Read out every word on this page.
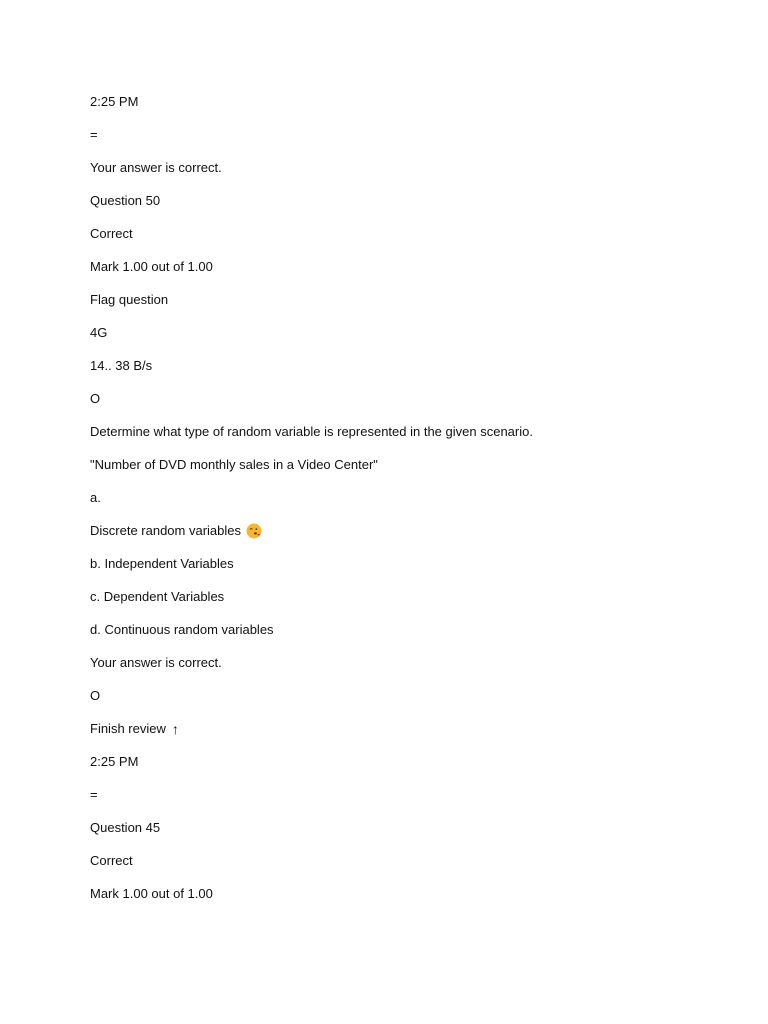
2:25 PM
=
Your answer is correct.
Question 50
Correct
Mark 1.00 out of 1.00
Flag question
4G
14.. 38 B/s
O
Determine what type of random variable is represented in the given scenario.
"Number of DVD monthly sales in a Video Center"
a.
Discrete random variables
b. Independent Variables
c. Dependent Variables
d. Continuous random variables
Your answer is correct.
O
Finish review ↑
2:25 PM
=
Question 45
Correct
Mark 1.00 out of 1.00
